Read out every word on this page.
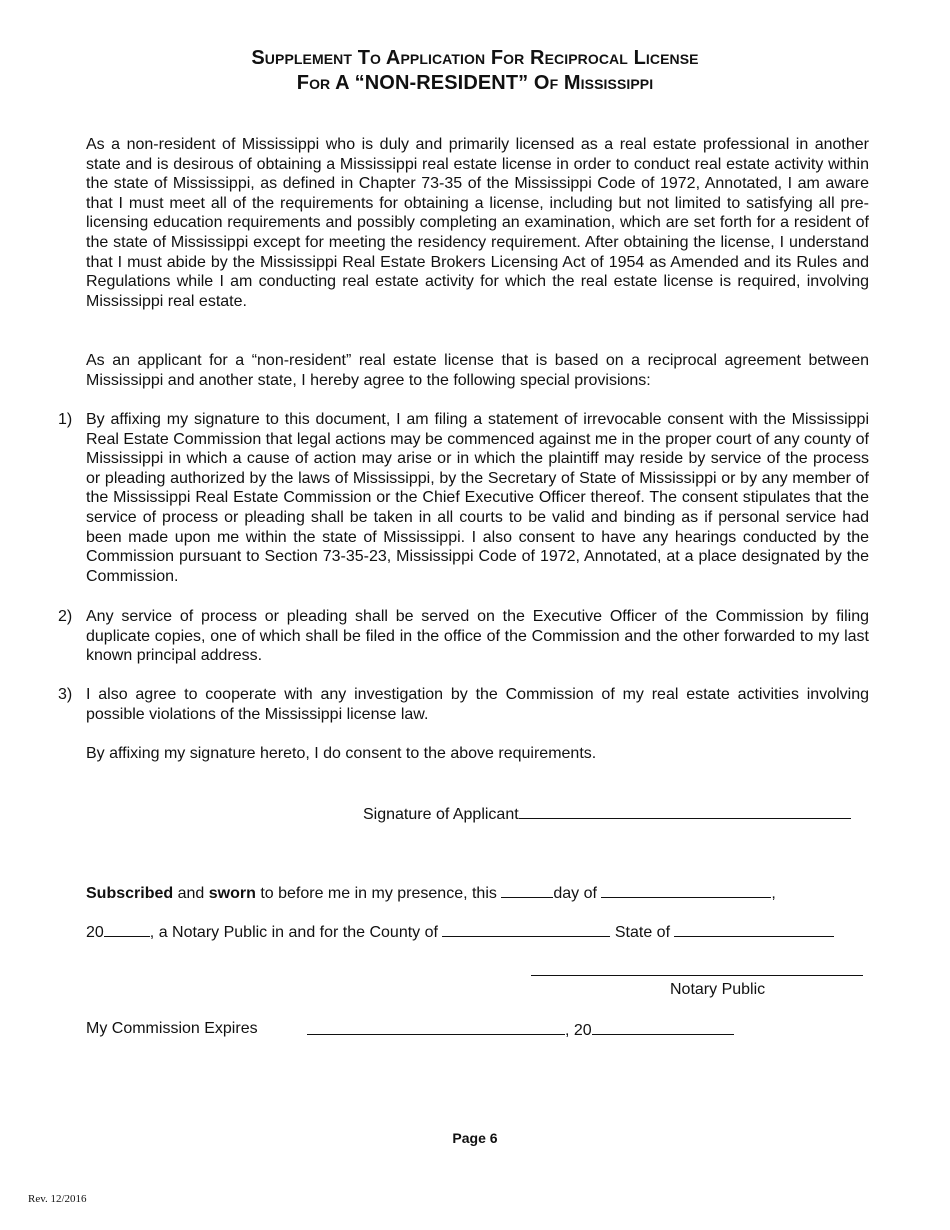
Supplement To Application For Reciprocal License
For A “NON-RESIDENT” Of Mississippi

As a non-resident of Mississippi who is duly and primarily licensed as a real estate professional in another state and is desirous of obtaining a Mississippi real estate license in order to conduct real estate activity within the state of Mississippi, as defined in Chapter 73-35 of the Mississippi Code of 1972, Annotated, I am aware that I must meet all of the requirements for obtaining a license, including but not limited to satisfying all pre-licensing education requirements and possibly completing an examination, which are set forth for a resident of the state of Mississippi except for meeting the residency requirement. After obtaining the license, I understand that I must abide by the Mississippi Real Estate Brokers Licensing Act of 1954 as Amended and its Rules and Regulations while I am conducting real estate activity for which the real estate license is required, involving Mississippi real estate.

As an applicant for a “non-resident” real estate license that is based on a reciprocal agreement between Mississippi and another state, I hereby agree to the following special provisions:

1) By affixing my signature to this document, I am filing a statement of irrevocable consent with the Mississippi Real Estate Commission that legal actions may be commenced against me in the proper court of any county of Mississippi in which a cause of action may arise or in which the plaintiff may reside by service of the process or pleading authorized by the laws of Mississippi, by the Secretary of State of Mississippi or by any member of the Mississippi Real Estate Commission or the Chief Executive Officer thereof. The consent stipulates that the service of process or pleading shall be taken in all courts to be valid and binding as if personal service had been made upon me within the state of Mississippi. I also consent to have any hearings conducted by the Commission pursuant to Section 73-35-23, Mississippi Code of 1972, Annotated, at a place designated by the Commission.
2) Any service of process or pleading shall be served on the Executive Officer of the Commission by filing duplicate copies, one of which shall be filed in the office of the Commission and the other forwarded to my last known principal address.
3) I also agree to cooperate with any investigation by the Commission of my real estate activities involving possible violations of the Mississippi license law.

By affixing my signature hereto, I do consent to the above requirements.

Signature of Applicant
Subscribed and sworn to before me in my presence, this	day of	,
20	, a Notary Public in and for the County of	State of
Notary Public
My Commission Expires	, 20
Page 6
Rev. 12/2016
